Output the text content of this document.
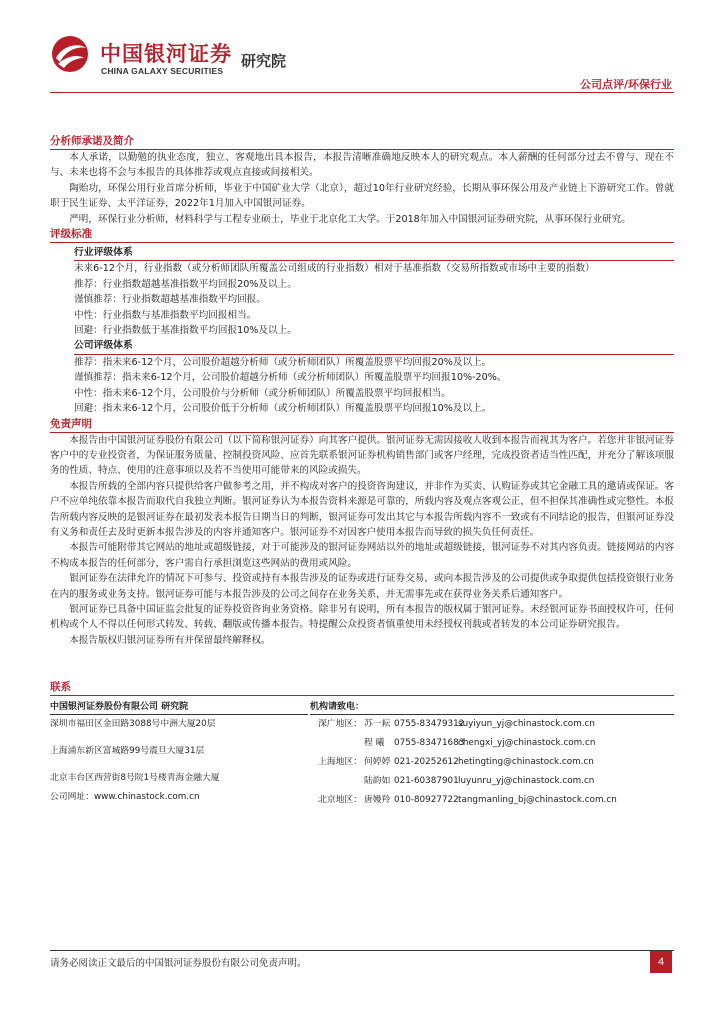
中国银河证券
CHINA GALAXY SECURITIES
研究院
公司点评/环保行业
分析师承诺及简介
本人承诺，以勤勉的执业态度，独立、客观地出具本报告，本报告清晰准确地反映本人的研究观点。本人薪酬的任何部分过去不曾与、现在不与、未来也将不会与本报告的具体推荐或观点直接或间接相关。
陶贻功，环保公用行业首席分析师，毕业于中国矿业大学（北京），超过10年行业研究经验，长期从事环保公用及产业链上下游研究工作。曾就职于民生证券、太平洋证券，2022年1月加入中国银河证券。
严明，环保行业分析师，材料科学与工程专业硕士，毕业于北京化工大学。于2018年加入中国银河证券研究院，从事环保行业研究。
评级标准
行业评级体系
未来6-12个月，行业指数（或分析师团队所覆盖公司组成的行业指数）相对于基准指数（交易所指数或市场中主要的指数）
推荐：行业指数超越基准指数平均回报20%及以上。
谨慎推荐：行业指数超越基准指数平均回报。
中性：行业指数与基准指数平均回报相当。
回避：行业指数低于基准指数平均回报10%及以上。
公司评级体系
推荐：指未来6-12个月，公司股价超越分析师（或分析师团队）所覆盖股票平均回报20%及以上。
谨慎推荐：指未来6-12个月，公司股价超越分析师（或分析师团队）所覆盖股票平均回报10%-20%。
中性：指未来6-12个月，公司股价与分析师（或分析师团队）所覆盖股票平均回报相当。
回避：指未来6-12个月，公司股价低于分析师（或分析师团队）所覆盖股票平均回报10%及以上。
免责声明
本报告由中国银河证券股份有限公司（以下简称银河证券）向其客户提供。银河证券无需因接收人收到本报告而视其为客户。若您并非银河证券客户中的专业投资者，为保证服务质量、控制投资风险、应首先联系银河证券机构销售部门或客户经理，完成投资者适当性匹配，并充分了解该项服务的性质、特点、使用的注意事项以及若不当使用可能带来的风险或损失。
本报告所载的全部内容只提供给客户做参考之用，并不构成对客户的投资咨询建议，并非作为买卖、认购证券或其它金融工具的邀请或保证。客户不应单纯依靠本报告而取代自我独立判断。银河证券认为本报告资料来源是可靠的，所载内容及观点客观公正，但不担保其准确性或完整性。本报告所载内容反映的是银河证券在最初发表本报告日期当日的判断，银河证券可发出其它与本报告所载内容不一致或有不同结论的报告，但银河证券没有义务和责任去及时更新本报告涉及的内容并通知客户。银河证券不对因客户使用本报告而导致的损失负任何责任。
本报告可能附带其它网站的地址或超级链接，对于可能涉及的银河证券网站以外的地址或超级链接，银河证券不对其内容负责。链接网站的内容不构成本报告的任何部分，客户需自行承担浏览这些网站的费用或风险。
银河证券在法律允许的情况下可参与、投资或持有本报告涉及的证券或进行证券交易，或向本报告涉及的公司提供或争取提供包括投资银行业务在内的服务或业务支持。银河证券可能与本报告涉及的公司之间存在业务关系，并无需事先或在获得业务关系后通知客户。
银河证券已具备中国证监会批复的证券投资咨询业务资格。除非另有说明，所有本报告的版权属于银河证券。未经银河证券书面授权许可，任何机构或个人不得以任何形式转发、转载、翻版或传播本报告。特提醒公众投资者慎重使用未经授权刊载或者转发的本公司证券研究报告。
本报告版权归银河证券所有并保留最终解释权。
联系
中国银河证券股份有限公司 研究院
深圳市福田区金田路3088号中洲大厦20层
上海浦东新区富城路99号震旦大厦31层
北京丰台区西营街8号院1号楼青海金融大厦
公司网址：www.chinastock.com.cn
机构请致电：
深广地区： 苏一耘 0755-83479312
suyiyun_yj@chinastock.com.cn
程 曦 0755-83471683
chengxi_yj@chinastock.com.cn
上海地区： 何婷婷 021-20252612 hetingting@chinastock.com.cn
陆韵如 021-60387901 luyunru_yj@chinastock.com.cn
北京地区： 唐嫚羚 010-80927722 tangmanling_bj@chinastock.com.cn
请务必阅读正文最后的中国银河证券股份有限公司免责声明。	4
